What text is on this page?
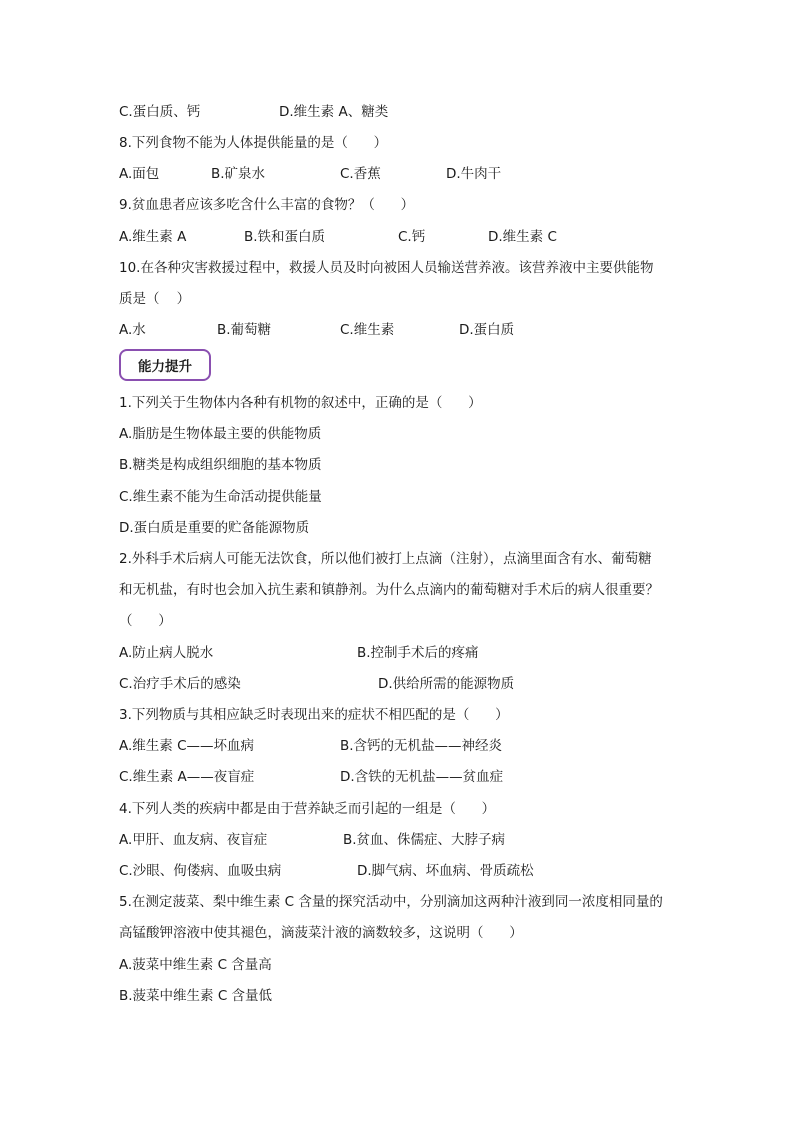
C.蛋白质、钙	D.维生素 A、糖类
8.下列食物不能为人体提供能量的是（      ）
A.面包	B.矿泉水	C.香蕉	D.牛肉干
9.贫血患者应该多吃含什么丰富的食物？（      ）
A.维生素 A	B.铁和蛋白质	C.钙	D.维生素 C
10.在各种灾害救援过程中，救援人员及时向被困人员输送营养液。该营养液中主要供能物
质是（    ）
A.水	B.葡萄糖	C.维生素	D.蛋白质
能力提升
1.下列关于生物体内各种有机物的叙述中，正确的是（      ）
A.脂肪是生物体最主要的供能物质
B.糖类是构成组织细胞的基本物质
C.维生素不能为生命活动提供能量
D.蛋白质是重要的贮备能源物质
2.外科手术后病人可能无法饮食，所以他们被打上点滴（注射），点滴里面含有水、葡萄糖
和无机盐，有时也会加入抗生素和镇静剂。为什么点滴内的葡萄糖对手术后的病人很重要？
（      ）
A.防止病人脱水	B.控制手术后的疼痛
C.治疗手术后的感染	D.供给所需的能源物质
3.下列物质与其相应缺乏时表现出来的症状不相匹配的是（      ）
A.维生素 C——坏血病	B.含钙的无机盐——神经炎
C.维生素 A——夜盲症	D.含铁的无机盐——贫血症
4.下列人类的疾病中都是由于营养缺乏而引起的一组是（      ）
A.甲肝、血友病、夜盲症	B.贫血、侏儒症、大脖子病
C.沙眼、佝偻病、血吸虫病	D.脚气病、坏血病、骨质疏松
5.在测定菠菜、梨中维生素 C 含量的探究活动中，分别滴加这两种汁液到同一浓度相同量的
高锰酸钾溶液中使其褪色，滴菠菜汁液的滴数较多，这说明（      ）
A.菠菜中维生素 C 含量高
B.菠菜中维生素 C 含量低
